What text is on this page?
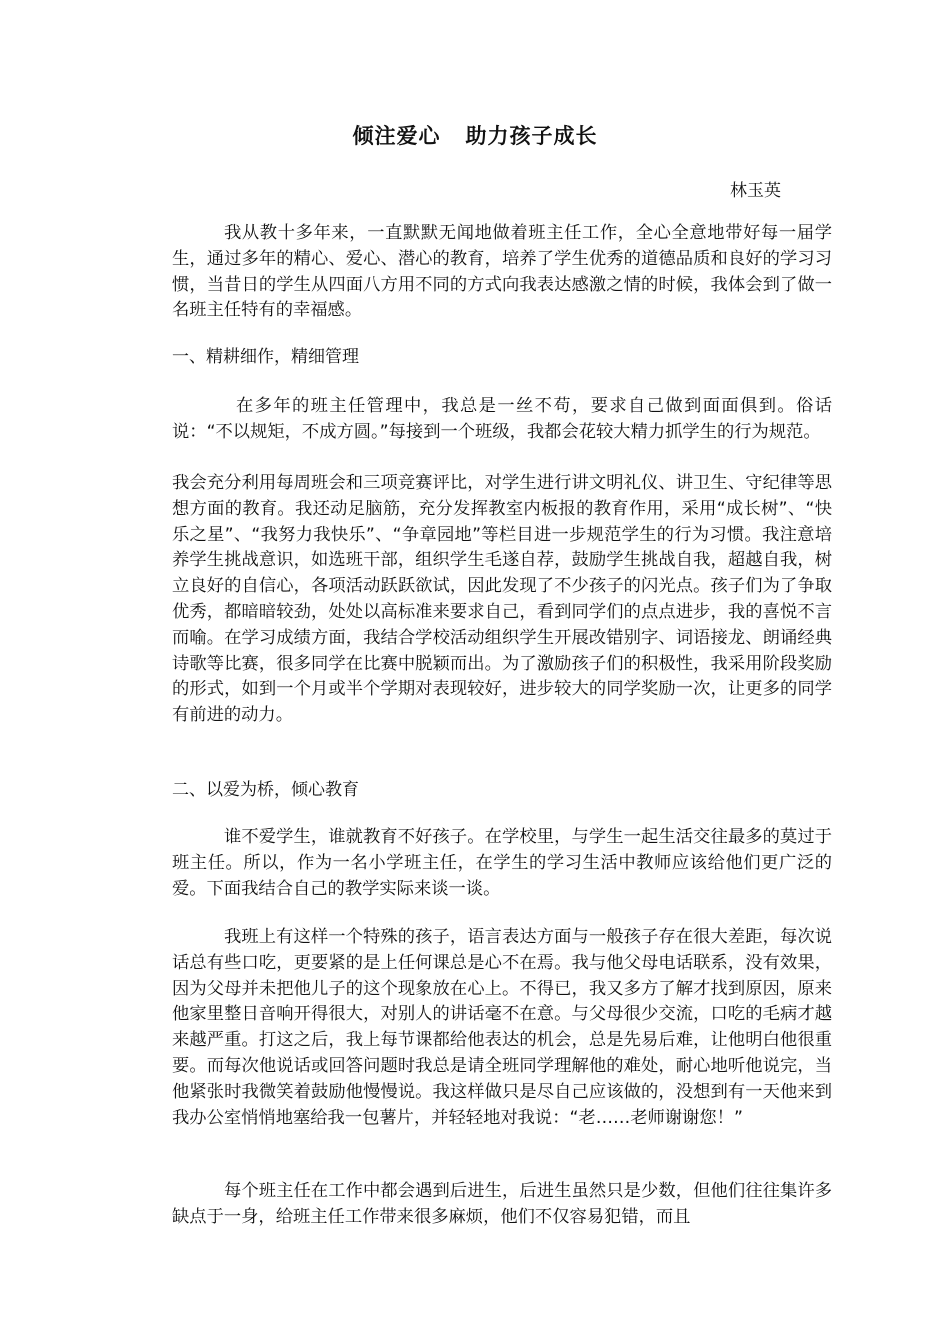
倾注爱心   助力孩子成长
林玉英
我从教十多年来，一直默默无闻地做着班主任工作，全心全意地带好每一届学生，通过多年的精心、爱心、潜心的教育，培养了学生优秀的道德品质和良好的学习习惯，当昔日的学生从四面八方用不同的方式向我表达感激之情的时候，我体会到了做一名班主任特有的幸福感。
一、精耕细作，精细管理
在多年的班主任管理中，我总是一丝不苟，要求自己做到面面俱到。俗话说：“不以规矩，不成方圆。”每接到一个班级，我都会花较大精力抓学生的行为规范。
我会充分利用每周班会和三项竞赛评比，对学生进行讲文明礼仪、讲卫生、守纪律等思想方面的教育。我还动足脑筋，充分发挥教室内板报的教育作用，采用“成长树”、“快乐之星”、“我努力我快乐”、“争章园地”等栏目进一步规范学生的行为习惯。我注意培养学生挑战意识，如选班干部，组织学生毛遂自荐，鼓励学生挑战自我，超越自我，树立良好的自信心，各项活动跃跃欲试，因此发现了不少孩子的闪光点。孩子们为了争取优秀，都暗暗较劲，处处以高标准来要求自己，看到同学们的点点进步，我的喜悦不言而喻。在学习成绩方面，我结合学校活动组织学生开展改错别字、词语接龙、朗诵经典诗歌等比赛，很多同学在比赛中脱颖而出。为了激励孩子们的积极性，我采用阶段奖励的形式，如到一个月或半个学期对表现较好，进步较大的同学奖励一次，让更多的同学有前进的动力。
二、以爱为桥，倾心教育
谁不爱学生，谁就教育不好孩子。在学校里，与学生一起生活交往最多的莫过于班主任。所以，作为一名小学班主任，在学生的学习生活中教师应该给他们更广泛的爱。下面我结合自己的教学实际来谈一谈。
我班上有这样一个特殊的孩子，语言表达方面与一般孩子存在很大差距，每次说话总有些口吃，更要紧的是上任何课总是心不在焉。我与他父母电话联系，没有效果，因为父母并未把他儿子的这个现象放在心上。不得已，我又多方了解才找到原因，原来他家里整日音响开得很大，对别人的讲话毫不在意。与父母很少交流，口吃的毛病才越来越严重。打这之后，我上每节课都给他表达的机会，总是先易后难，让他明白他很重要。而每次他说话或回答问题时我总是请全班同学理解他的难处，耐心地听他说完，当他紧张时我微笑着鼓励他慢慢说。我这样做只是尽自己应该做的，没想到有一天他来到我办公室悄悄地塞给我一包薯片，并轻轻地对我说：“老……老师谢谢您！”
每个班主任在工作中都会遇到后进生，后进生虽然只是少数，但他们往往集许多缺点于一身，给班主任工作带来很多麻烦，他们不仅容易犯错，而且
